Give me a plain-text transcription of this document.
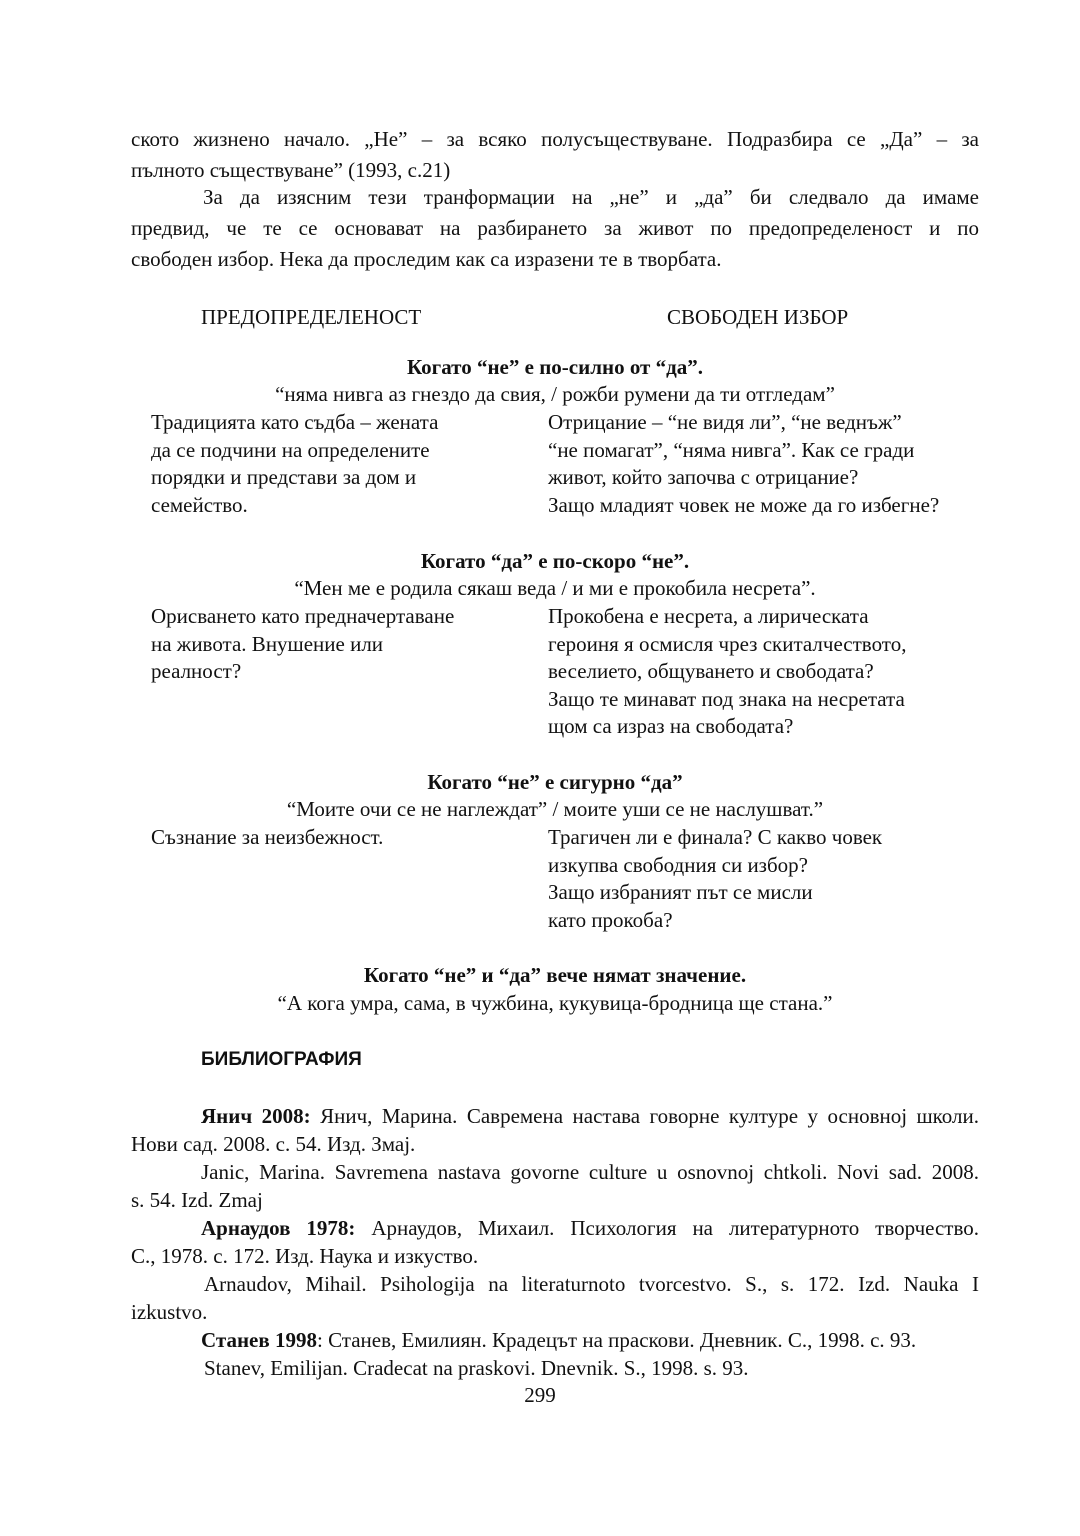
ското жизнено начало. „Не” – за всяко полусъществуване. Подразбира се „Да” – за
пълното съществуване” (1993, с.21)
За да изясним тези транформации на „не” и „да” би следвало да имаме
предвид, че те се основават на разбирането за живот по предопределеност и по
свободен избор. Нека да проследим как са изразени те в творбата.
ПРЕДОПРЕДЕЛЕНОСТ	СВОБОДЕН ИЗБОР
Когато “не” е по-силно от “да”.
“няма нивга аз гнездо да свия, / рожби румени да ти отгледам”
Традицията като съдба – жената
да се подчини на определените
порядки и представи за дом и
семейство.
Отрицание – “не видя ли”, “не веднъж”
“не помагат”, “няма нивга”. Как се гради
живот, който започва с отрицание?
Защо младият човек не може да го избегне?
Когато “да” е по-скоро “не”.
“Мен ме е родила сякаш веда / и ми е прокобила несрета”.
Орисването като предначертаване
на живота. Внушение или
реалност?
Прокобена е несрета, а лирическата
героиня я осмисля чрез скиталчеството,
веселието, общуването и свободата?
Защо те минават под знака на несретата
щом са израз на свободата?
Когато “не” е сигурно “да”
“Моите очи се не наглеждат” / моите уши се не наслушват.”
Съзнание за неизбежност.	Трагичен ли е финала? С какво човек
изкупва свободния си избор?
Защо избраният път се мисли
като прокоба?
Когато “не” и “да” вече нямат значение.
“А кога умра, сама, в чужбина, кукувица-бродница ще стана.”
БИБЛИОГРАФИЯ
Янич 2008: Янич, Марина. Савремена настава говорне културе у основној школи.
Нови сад. 2008. с. 54. Изд. Змај.
Janic, Marina. Savremena nastava govorne culture u osnovnoj chtkoli. Novi sad. 2008.
s. 54. Izd. Zmaj
Арнаудов 1978: Арнаудов, Михаил. Психология на литературното творчество.
С., 1978. с. 172. Изд. Наука и изкуство.
Arnaudov, Mihail. Psihologija na literaturnoto tvorcestvo. S., s. 172. Izd. Nauka I
izkustvo.
Станев 1998: Станев, Емилиян. Крадецът на праскови. Дневник. С., 1998. с. 93.
Stanev, Emilijan. Cradecat na praskovi. Dnevnik. S., 1998. s. 93.
299
